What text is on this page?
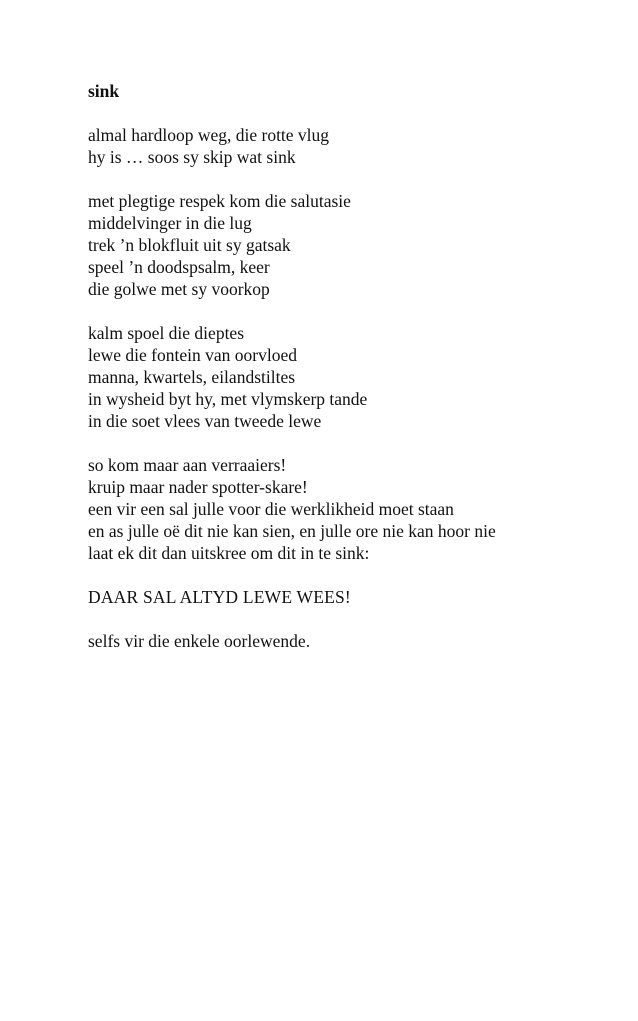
sink
almal hardloop weg, die rotte vlug
hy is … soos sy skip wat sink
met plegtige respek kom die salutasie
middelvinger in die lug
trek ’n blokfluit uit sy gatsak
speel ’n doodspsalm, keer
die golwe met sy voorkop
kalm spoel die dieptes
lewe die fontein van oorvloed
manna, kwartels, eilandstiltes
in wysheid byt hy, met vlymskerp tande
in die soet vlees van tweede lewe
so kom maar aan verraaiers!
kruip maar nader spotter-skare!
een vir een sal julle voor die werklikheid moet staan
en as julle oë dit nie kan sien, en julle ore nie kan hoor nie
laat ek dit dan uitskree om dit in te sink:
DAAR SAL ALTYD LEWE WEES!
selfs vir die enkele oorlewende.
